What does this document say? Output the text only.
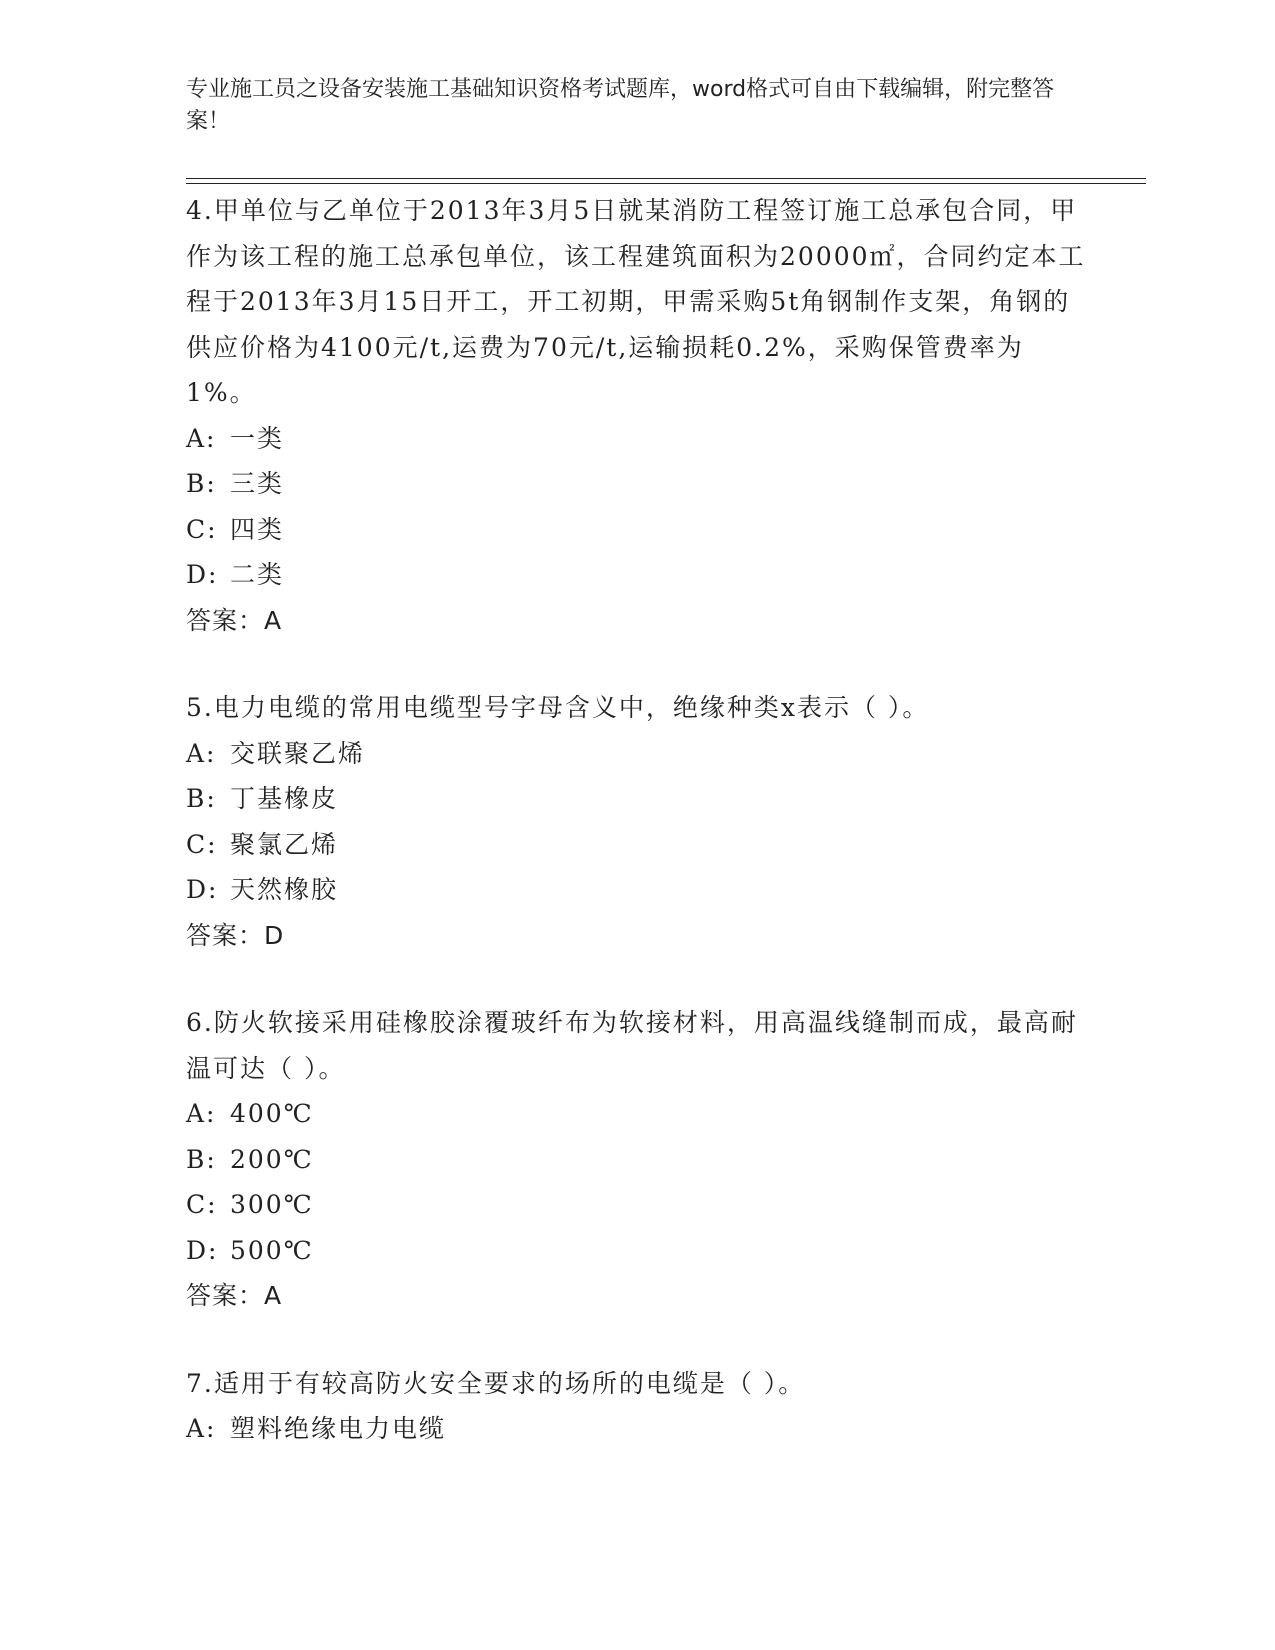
专业施工员之设备安装施工基础知识资格考试题库，word格式可自由下载编辑，附完整答案！

4.甲单位与乙单位于2013年3月5日就某消防工程签订施工总承包合同，甲作为该工程的施工总承包单位，该工程建筑面积为20000㎡，合同约定本工程于2013年3月15日开工，开工初期，甲需采购5t角钢制作支架，角钢的供应价格为4100元/t,运费为70元/t,运输损耗0.2%，采购保管费率为1%。

A: 一类

B: 三类

C: 四类

D: 二类

答案：A

5.电力电缆的常用电缆型号字母含义中，绝缘种类x表示（ ）。

A: 交联聚乙烯

B: 丁基橡皮

C: 聚氯乙烯

D: 天然橡胶

答案：D

6.防火软接采用硅橡胶涂覆玻纤布为软接材料，用高温线缝制而成，最高耐温可达（ ）。

A: 400℃

B: 200℃

C: 300℃

D: 500℃

答案：A

7.适用于有较高防火安全要求的场所的电缆是（ ）。

A: 塑料绝缘电力电缆
